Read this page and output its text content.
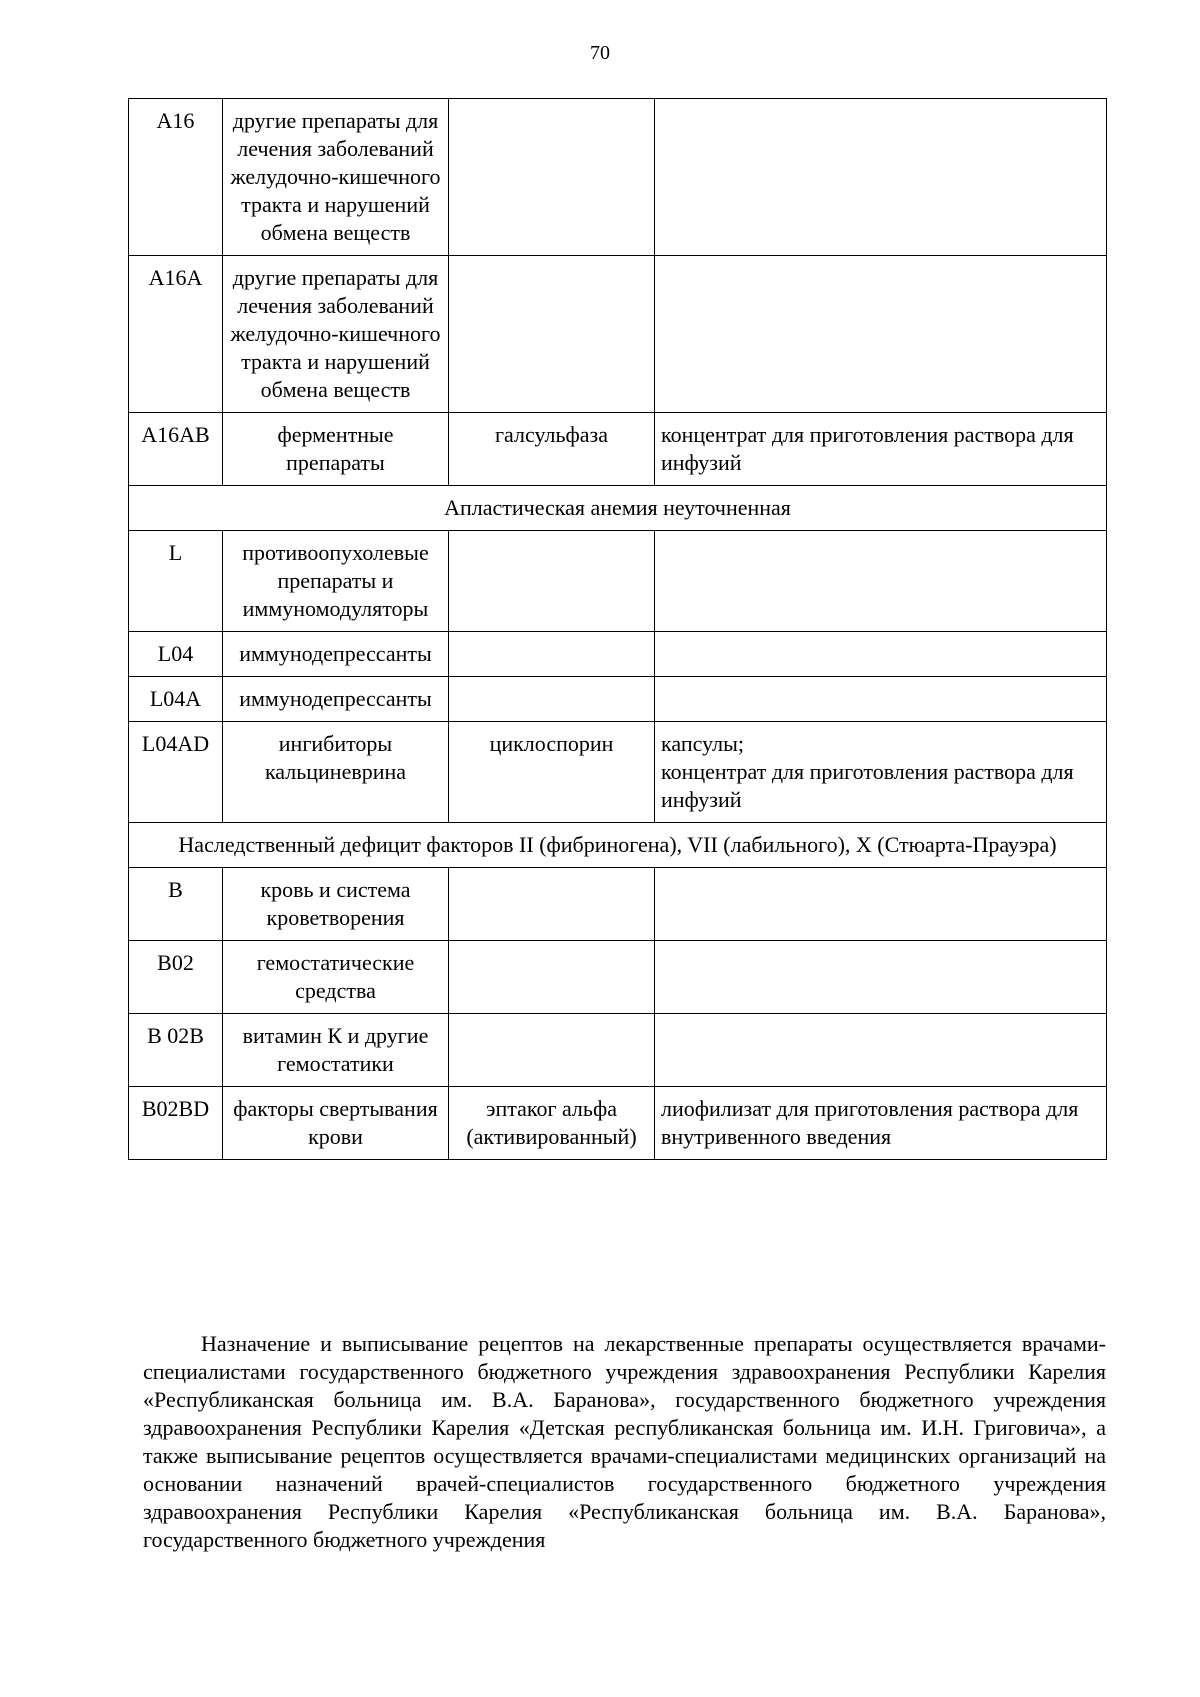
70
A16	другие препараты для лечения заболеваний желудочно-кишечного тракта и нарушений обмена веществ		
A16A	другие препараты для лечения заболеваний желудочно-кишечного тракта и нарушений обмена веществ		
A16AB	ферментные препараты	галсульфаза	концентрат для приготовления раствора для инфузий

Апластическая анемия неуточненная			
L	противоопухолевые препараты и иммуномодуляторы		
L04	иммунодепрессанты		
L04A	иммунодепрессанты		
L04AD	ингибиторы кальциневрина	циклоспорин	капсулы;
концентрат для приготовления раствора для инфузий

Наследственный дефицит факторов II (фибриногена), VII (лабильного), X (Стюарта-Прауэра)			
B	кровь и система кроветворения		
B02	гемостатические средства		
B 02B	витамин К и другие гемостатики		
B02BD	факторы свертывания крови	эптаког альфа (активированный)	лиофилизат для приготовления раствора для внутривенного введения

Назначение и выписывание рецептов на лекарственные препараты осуществляется врачами-специалистами государственного бюджетного учреждения здравоохранения Республики Карелия «Республиканская больница им. В.А. Баранова», государственного бюджетного учреждения здравоохранения Республики Карелия «Детская республиканская больница им. И.Н. Григовича», а также выписывание рецептов осуществляется врачами-специалистами медицинских организаций на основании назначений врачей-специалистов государственного бюджетного учреждения здравоохранения Республики Карелия «Республиканская больница им. В.А. Баранова», государственного бюджетного учреждения
